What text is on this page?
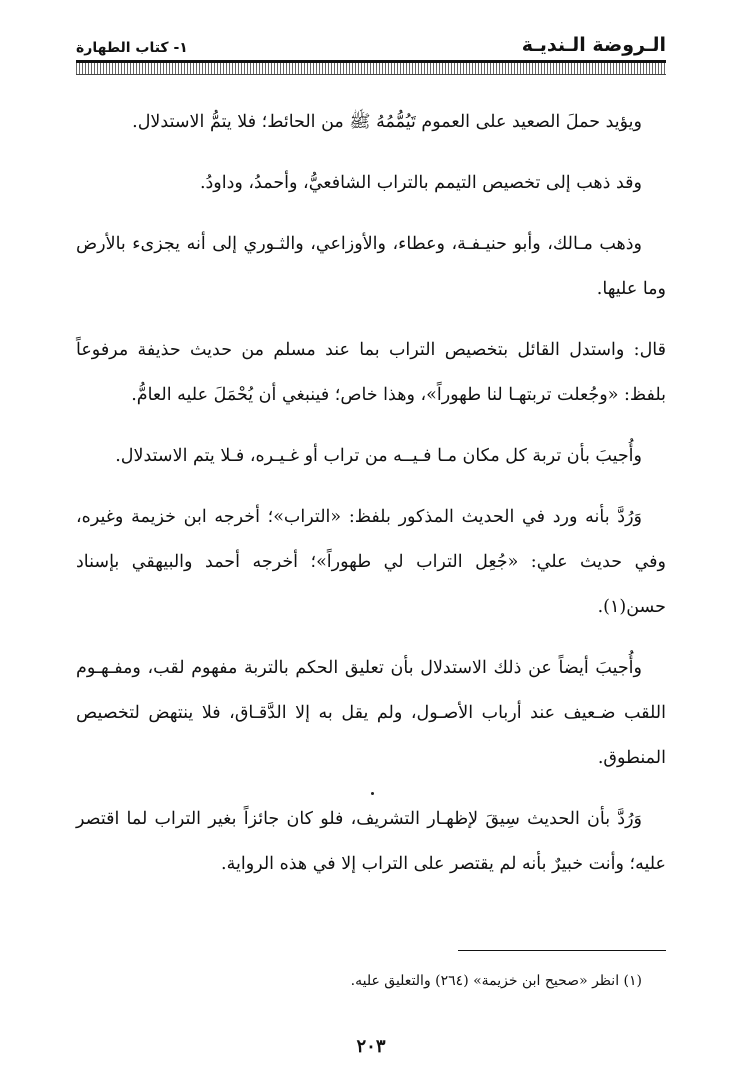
الـروضة الـنديـة
١- كتاب الطهارة

ويؤيد حملَ الصعيد على العموم تَيُمُّمُهُ ﷺ من الحائط؛ فلا يتمُّ الاستدلال.

وقد ذهب إلى تخصيص التيمم بالتراب الشافعيُّ، وأحمدُ، وداودُ.

وذهب مـالك، وأبو حنيـفـة، وعطاء، والأوزاعي، والثـوري إلى أنه يجزىء بالأرض وما عليها.

قال: واستدل القائل بتخصيص التراب بما عند مسلم من حديث حذيفة مرفوعاً بلفظ: «وجُعلت تربتهـا لنا طهوراً»، وهذا خاص؛ فينبغي أن يُحْمَلَ عليه العامُّ.

وأُجيبَ بأن تربة كل مكان مـا فـيــه من تراب أو غـيـره، فـلا يتم الاستدلال.

وَرُدَّ بأنه ورد في الحديث المذكور بلفظ: «التراب»؛ أخرجه ابن خزيمة وغيره، وفي حديث علي: «جُعِل التراب لي طهوراً»؛ أخرجه أحمد والبيهقي بإسناد حسن(١).

وأُجيبَ أيضاً عن ذلك الاستدلال بأن تعليق الحكم بالتربة مفهوم لقب، ومفـهـوم اللقب ضـعيف عند أرباب الأصـول، ولم يقل به إلا الدَّقـاق، فلا ينتهض لتخصيص المنطوق.

وَرُدَّ بأن الحديث سِيقَ لإظهـار التشريف، فلو كان جائزاً بغير التراب لما اقتصر عليه؛ وأنت خبيرٌ بأنه لم يقتصر على التراب إلا في هذه الرواية.

(١) انظر «صحيح ابن خزيمة» (٢٦٤) والتعليق عليه.
٢٠٣
